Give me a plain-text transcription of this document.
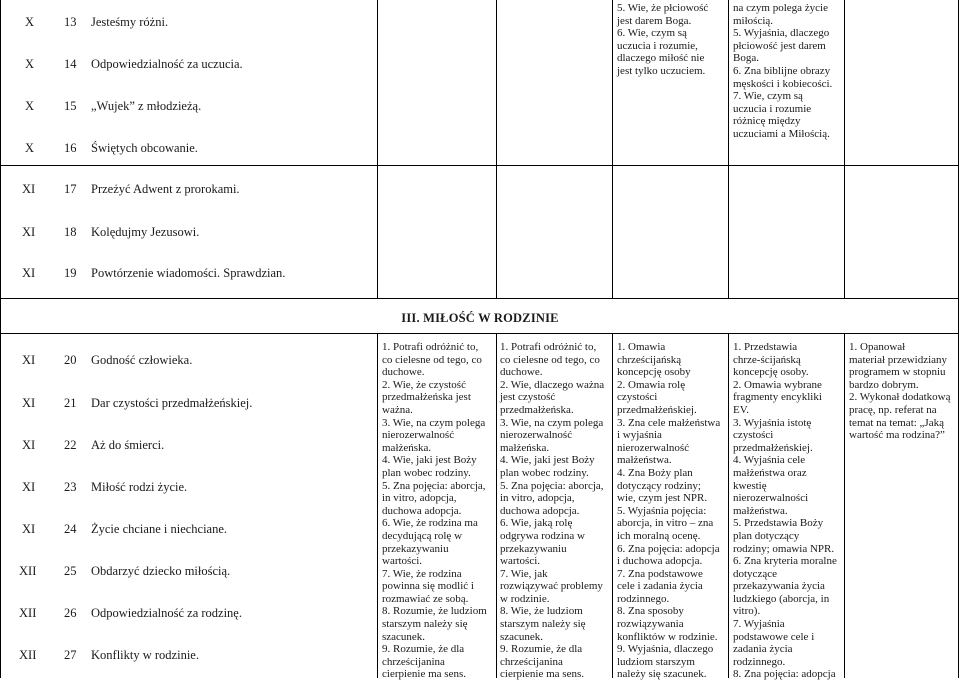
X 13 Jesteśmy różni.
X 14 Odpowiedzialność za uczucia.
X 15 „Wujek” z młodzieżą.
X 16 Świętych obcowanie.
XI 17 Przeżyć Adwent z prorokami.
XI 18 Kolędujmy Jezusowi.
XI 19 Powtórzenie wiadomości. Sprawdzian.
5. Wie, że płciowość
jest darem Boga.
6. Wie, czym są
uczucia i rozumie,
dlaczego miłość nie
jest tylko uczuciem.
na czym polega życie
miłością.
5. Wyjaśnia, dlaczego
płciowość jest darem
Boga.
6. Zna biblijne obrazy
męskości i kobiecości.
7. Wie, czym są
uczucia i rozumie
różnicę między
uczuciami a Miłością.
III. MIŁOŚĆ W RODZINIE
XI 20 Godność człowieka.
XI 21 Dar czystości przedmałżeńskiej.
XI 22 Aż do śmierci.
XI 23 Miłość rodzi życie.
XI 24 Życie chciane i niechciane.
XII 25 Obdarzyć dziecko miłością.
XII 26 Odpowiedzialność za rodzinę.
XII 27 Konflikty w rodzinie.
1. Potrafi odróżnić to,
co cielesne od tego, co
duchowe.
2. Wie, że czystość
przedmałżeńska jest
ważna.
3. Wie, na czym polega
nierozerwalność
małżeńska.
4. Wie, jaki jest Boży
plan wobec rodziny.
5. Zna pojęcia: aborcja,
in vitro, adopcja,
duchowa adopcja.
6. Wie, że rodzina ma
decydującą rolę w
przekazywaniu
wartości.
7. Wie, że rodzina
powinna się modlić i
rozmawiać ze sobą.
8. Rozumie, że ludziom
starszym należy się
szacunek.
9. Rozumie, że dla
chrześcijanina
cierpienie ma sens.
1. Potrafi odróżnić to,
co cielesne od tego, co
duchowe.
2. Wie, dlaczego ważna
jest czystość
przedmałżeńska.
3. Wie, na czym polega
nierozerwalność
małżeńska.
4. Wie, jaki jest Boży
plan wobec rodziny.
5. Zna pojęcia: aborcja,
in vitro, adopcja,
duchowa adopcja.
6. Wie, jaką rolę
odgrywa rodzina w
przekazywaniu
wartości.
7. Wie, jak
rozwiązywać problemy
w rodzinie.
8. Wie, że ludziom
starszym należy się
szacunek.
9. Rozumie, że dla
chrześcijanina
cierpienie ma sens.
1. Omawia
chrześcijańską
koncepcję osoby
2. Omawia rolę
czystości
przedmałżeńskiej.
3. Zna cele małżeństwa
i wyjaśnia
nierozerwalność
małżeństwa.
4. Zna Boży plan
dotyczący rodziny;
wie, czym jest NPR.
5. Wyjaśnia pojęcia:
aborcja, in vitro – zna
ich moralną ocenę.
6. Zna pojęcia: adopcja
i duchowa adopcja.
7. Zna podstawowe
cele i zadania życia
rodzinnego.
8. Zna sposoby
rozwiązywania
konfliktów w rodzinie.
9. Wyjaśnia, dlaczego
ludziom starszym
należy się szacunek.
1. Przedstawia
chrze-ścijańską
koncepcję osoby.
2. Omawia wybrane
fragmenty encykliki
EV.
3. Wyjaśnia istotę
czystości
przedmałżeńskiej.
4. Wyjaśnia cele
małżeństwa oraz
kwestię
nierozerwalności
małżeństwa.
5. Przedstawia Boży
plan dotyczący
rodziny; omawia NPR.
6. Zna kryteria moralne
dotyczące
przekazywania życia
ludzkiego (aborcja, in
vitro).
7. Wyjaśnia
podstawowe cele i
zadania życia
rodzinnego.
8. Zna pojęcia: adopcja
1. Opanował
materiał przewidziany
programem w stopniu
bardzo dobrym.
2. Wykonał dodatkową
pracę, np. referat na
temat na temat: „Jaką
wartość ma rodzina?”
